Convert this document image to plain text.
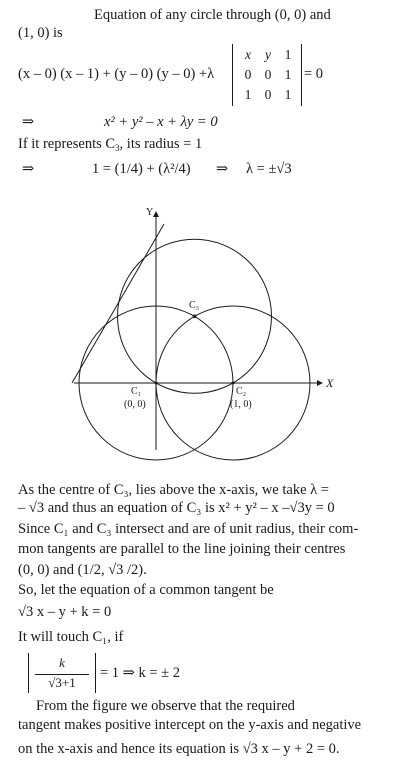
Equation of any circle through (0, 0) and
(1, 0) is
(x – 0) (x – 1) + (y – 0) (y – 0) +λ
x y 1
0 0 1
1 0 1
= 0
⇒	x² + y² – x + λy = 0
If it represents $C_3$, its radius = 1
⇒	1 = (1/4) + (λ²/4) ⇒ λ = ±√3
Y
X
C₃
C₁
(0, 0)
C₂
(1, 0)
As the centre of C₃, lies above the x-axis, we take λ =
– √3 and thus an equation of C₃ is x² + y² – x –√3y = 0
Since C₁ and C₃ intersect and are of unit radius, their com-
mon tangents are parallel to the line joining their centres
(0, 0) and (1/2, √3 /2).
So, let the equation of a common tangent be
√3 x – y + k = 0
It will touch C₁, if
k
√3+1
= 1 ⇒ k = ± 2
From the figure we observe that the required
tangent makes positive intercept on the y-axis and negative
on the x-axis and hence its equation is √3 x – y + 2 = 0.
